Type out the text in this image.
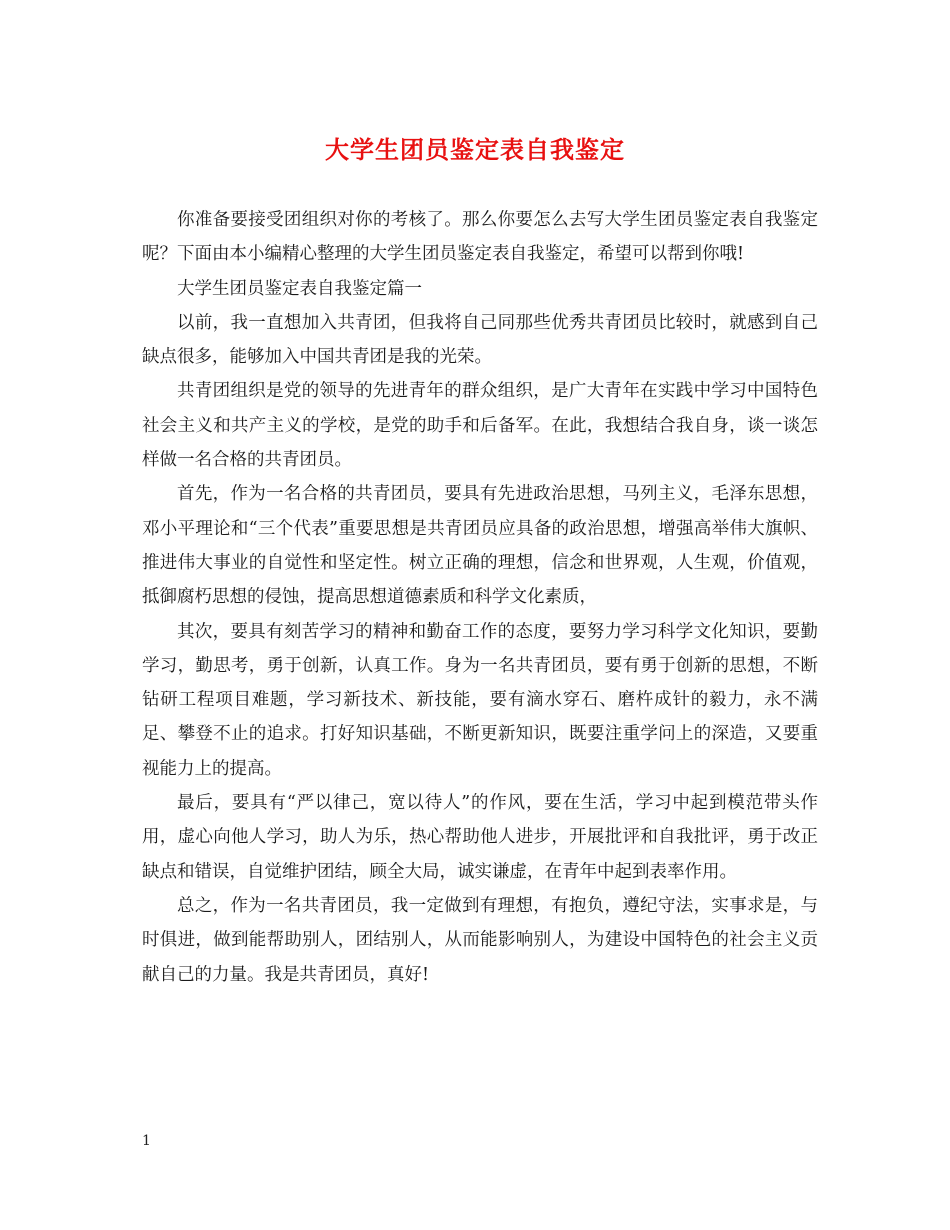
大学生团员鉴定表自我鉴定

你准备要接受团组织对你的考核了。那么你要怎么去写大学生团员鉴定表自我鉴定呢？下面由本小编精心整理的大学生团员鉴定表自我鉴定，希望可以帮到你哦!

大学生团员鉴定表自我鉴定篇一

以前，我一直想加入共青团，但我将自己同那些优秀共青团员比较时，就感到自己缺点很多，能够加入中国共青团是我的光荣。

共青团组织是党的领导的先进青年的群众组织，是广大青年在实践中学习中国特色社会主义和共产主义的学校，是党的助手和后备军。在此，我想结合我自身，谈一谈怎样做一名合格的共青团员。

首先，作为一名合格的共青团员，要具有先进政治思想，马列主义，毛泽东思想，邓小平理论和“三个代表”重要思想是共青团员应具备的政治思想，增强高举伟大旗帜、推进伟大事业的自觉性和坚定性。树立正确的理想，信念和世界观，人生观，价值观，抵御腐朽思想的侵蚀，提高思想道德素质和科学文化素质，

其次，要具有刻苦学习的精神和勤奋工作的态度，要努力学习科学文化知识，要勤学习，勤思考，勇于创新，认真工作。身为一名共青团员，要有勇于创新的思想，不断钻研工程项目难题，学习新技术、新技能，要有滴水穿石、磨杵成针的毅力，永不满足、攀登不止的追求。打好知识基础，不断更新知识，既要注重学问上的深造，又要重视能力上的提高。

最后，要具有“严以律己，宽以待人”的作风，要在生活，学习中起到模范带头作用，虚心向他人学习，助人为乐，热心帮助他人进步，开展批评和自我批评，勇于改正缺点和错误，自觉维护团结，顾全大局，诚实谦虚，在青年中起到表率作用。

总之，作为一名共青团员，我一定做到有理想，有抱负，遵纪守法，实事求是，与时俱进，做到能帮助别人，团结别人，从而能影响别人，为建设中国特色的社会主义贡献自己的力量。我是共青团员，真好!

1
